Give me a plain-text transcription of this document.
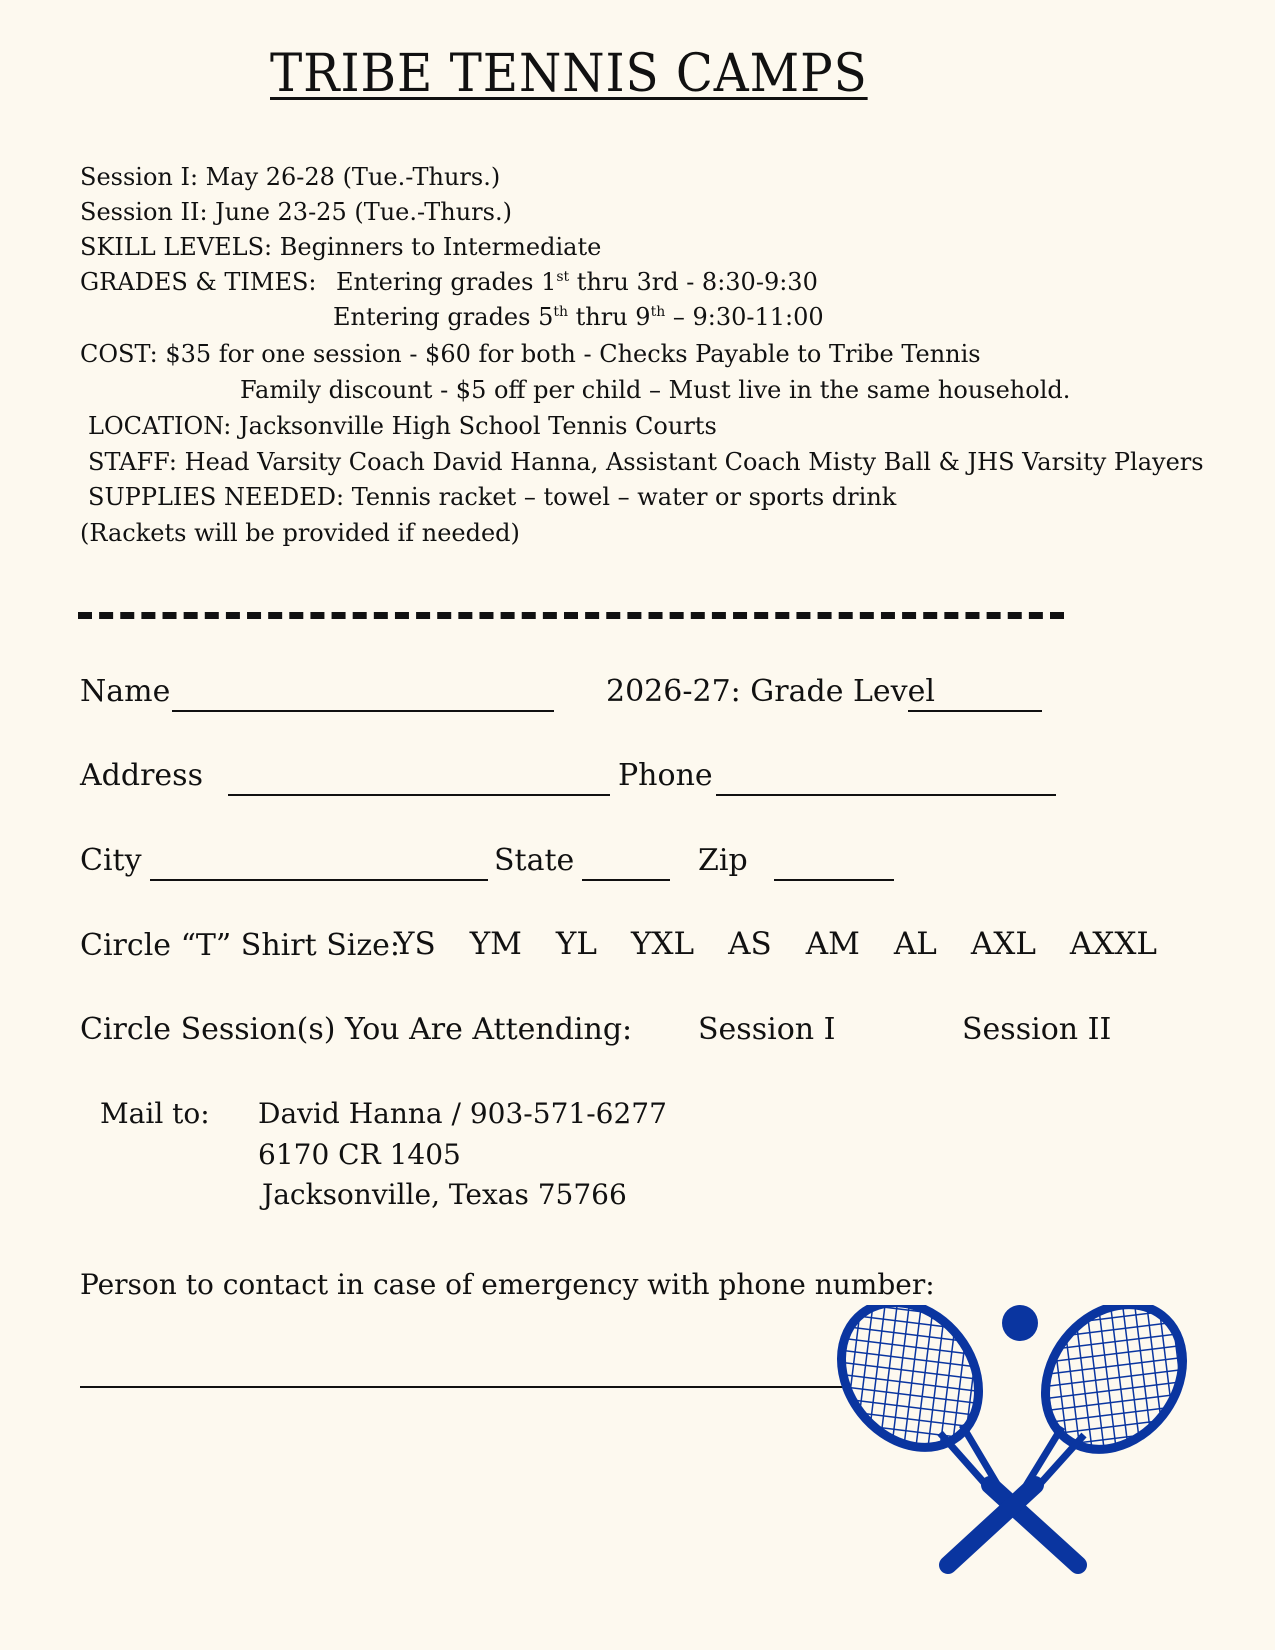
TRIBE TENNIS CAMPS
Session I: May 26-28 (Tue.-Thurs.)
Session II: June 23-25 (Tue.-Thurs.)
SKILL LEVELS: Beginners to Intermediate
GRADES & TIMES: Entering grades 1st thru 3rd - 8:30-9:30
Entering grades 5th thru 9th – 9:30-11:00
COST: $35 for one session - $60 for both - Checks Payable to Tribe Tennis
Family discount - $5 off per child – Must live in the same household.
LOCATION: Jacksonville High School Tennis Courts
STAFF: Head Varsity Coach David Hanna, Assistant Coach Misty Ball & JHS Varsity Players
SUPPLIES NEEDED: Tennis racket – towel – water or sports drink
(Rackets will be provided if needed)
Name	2026-27: Grade Level
Address	Phone
City	State	Zip
Circle “T” Shirt Size:
YS YM YL YXL AS AM AL AXL AXXL
Circle Session(s) You Are Attending: Session I	Session II
Mail to: David Hanna / 903-571-6277
6170 CR 1405
Jacksonville, Texas 75766
Person to contact in case of emergency with phone number:
